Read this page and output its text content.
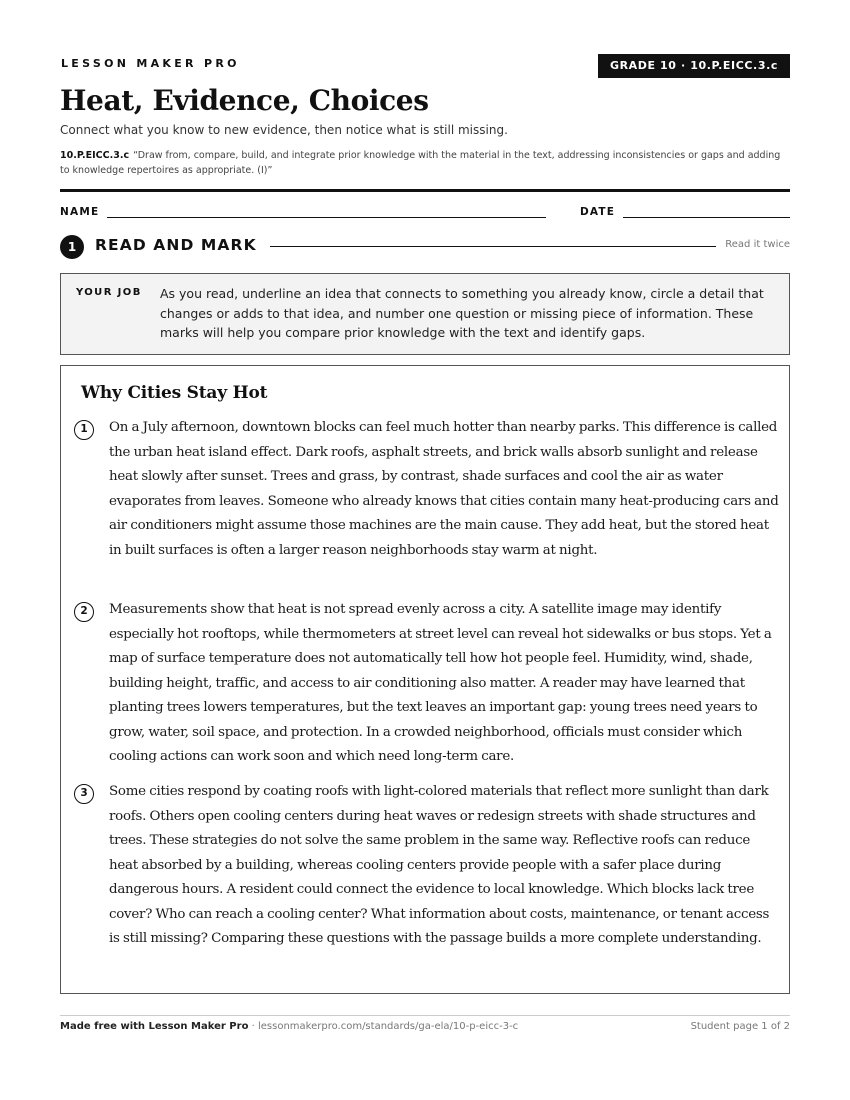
LESSON MAKER PRO	GRADE 10 · 10.P.EICC.3.c
Heat, Evidence, Choices
Connect what you know to new evidence, then notice what is still missing.
10.P.EICC.3.c “Draw from, compare, build, and integrate prior knowledge with the material in the text, addressing inconsistencies or gaps and adding to knowledge repertoires as appropriate. (I)”
NAME	DATE
1	READ AND MARK	Read it twice
YOUR JOB As you read, underline an idea that connects to something you already know, circle a detail that changes or adds to that idea, and number one question or missing piece of information. These marks will help you compare prior knowledge with the text and identify gaps.
Why Cities Stay Hot
1	On a July afternoon, downtown blocks can feel much hotter than nearby parks. This difference is called the urban heat island effect. Dark roofs, asphalt streets, and brick walls absorb sunlight and release heat slowly after sunset. Trees and grass, by contrast, shade surfaces and cool the air as water evaporates from leaves. Someone who already knows that cities contain many heat-producing cars and air conditioners might assume those machines are the main cause. They add heat, but the stored heat in built surfaces is often a larger reason neighborhoods stay warm at night.

2	Measurements show that heat is not spread evenly across a city. A satellite image may identify especially hot rooftops, while thermometers at street level can reveal hot sidewalks or bus stops. Yet a map of surface temperature does not automatically tell how hot people feel. Humidity, wind, shade, building height, traffic, and access to air conditioning also matter. A reader may have learned that planting trees lowers temperatures, but the text leaves an important gap: young trees need years to grow, water, soil space, and protection. In a crowded neighborhood, officials must consider which cooling actions can work soon and which need long-term care.

3	Some cities respond by coating roofs with light-colored materials that reflect more sunlight than dark roofs. Others open cooling centers during heat waves or redesign streets with shade structures and trees. These strategies do not solve the same problem in the same way. Reflective roofs can reduce heat absorbed by a building, whereas cooling centers provide people with a safer place during dangerous hours. A resident could connect the evidence to local knowledge. Which blocks lack tree cover? Who can reach a cooling center? What information about costs, maintenance, or tenant access is still missing? Comparing these questions with the passage builds a more complete understanding.

Made free with Lesson Maker Pro · lessonmakerpro.com/standards/ga-ela/10-p-eicc-3-c	Student page 1 of 2
